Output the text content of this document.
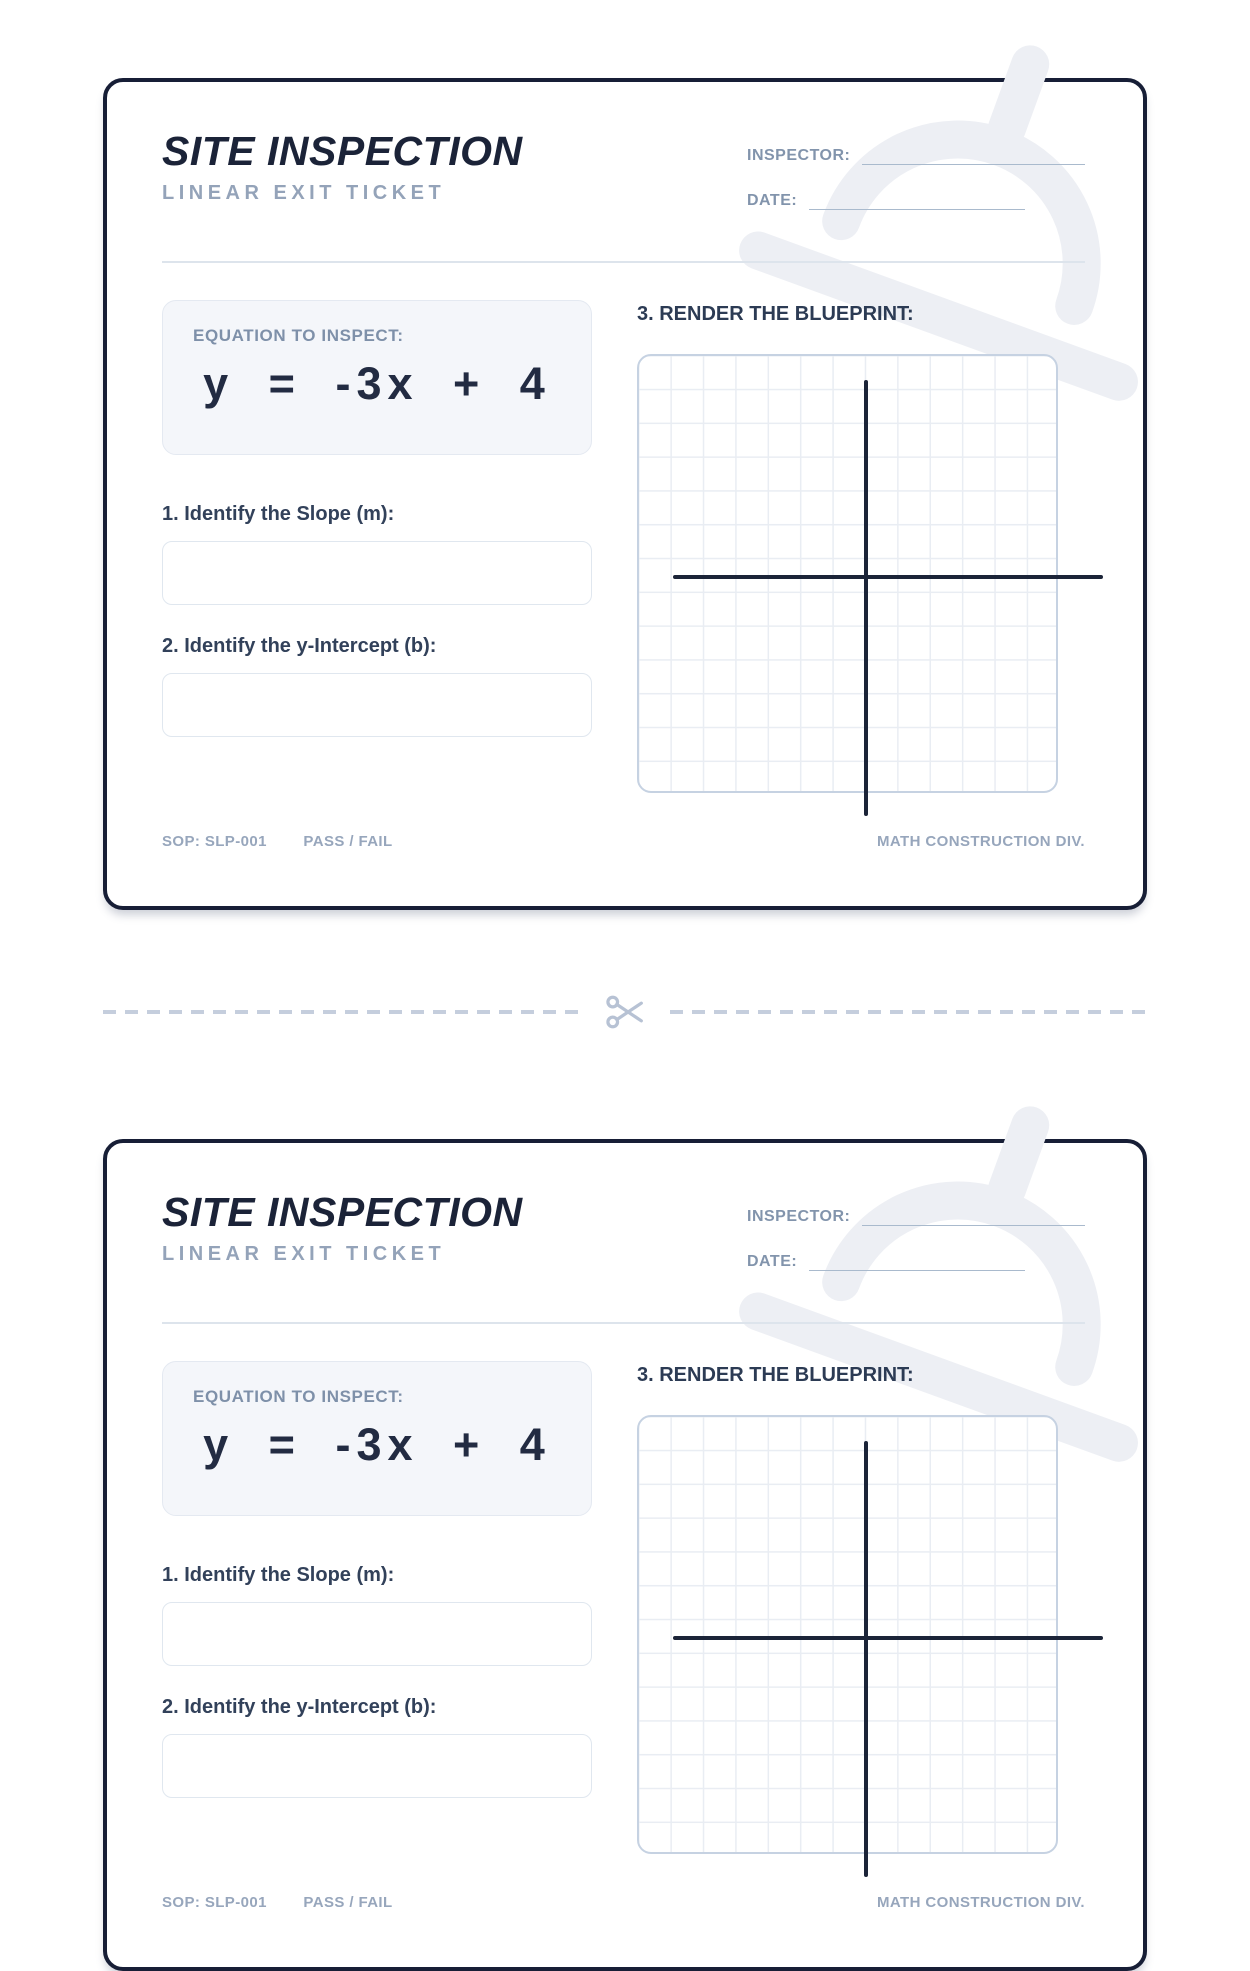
SITE INSPECTION
LINEAR EXIT TICKET
INSPECTOR:
DATE:
EQUATION TO INSPECT:
y = -3x + 4
1. Identify the Slope (m):
2. Identify the y-Intercept (b):
3. RENDER THE BLUEPRINT:
SOP: SLP-001 PASS / FAIL	MATH CONSTRUCTION DIV.
SITE INSPECTION
LINEAR EXIT TICKET
INSPECTOR:
DATE:
EQUATION TO INSPECT:
y = -3x + 4
1. Identify the Slope (m):
2. Identify the y-Intercept (b):
3. RENDER THE BLUEPRINT:
SOP: SLP-001 PASS / FAIL	MATH CONSTRUCTION DIV.
